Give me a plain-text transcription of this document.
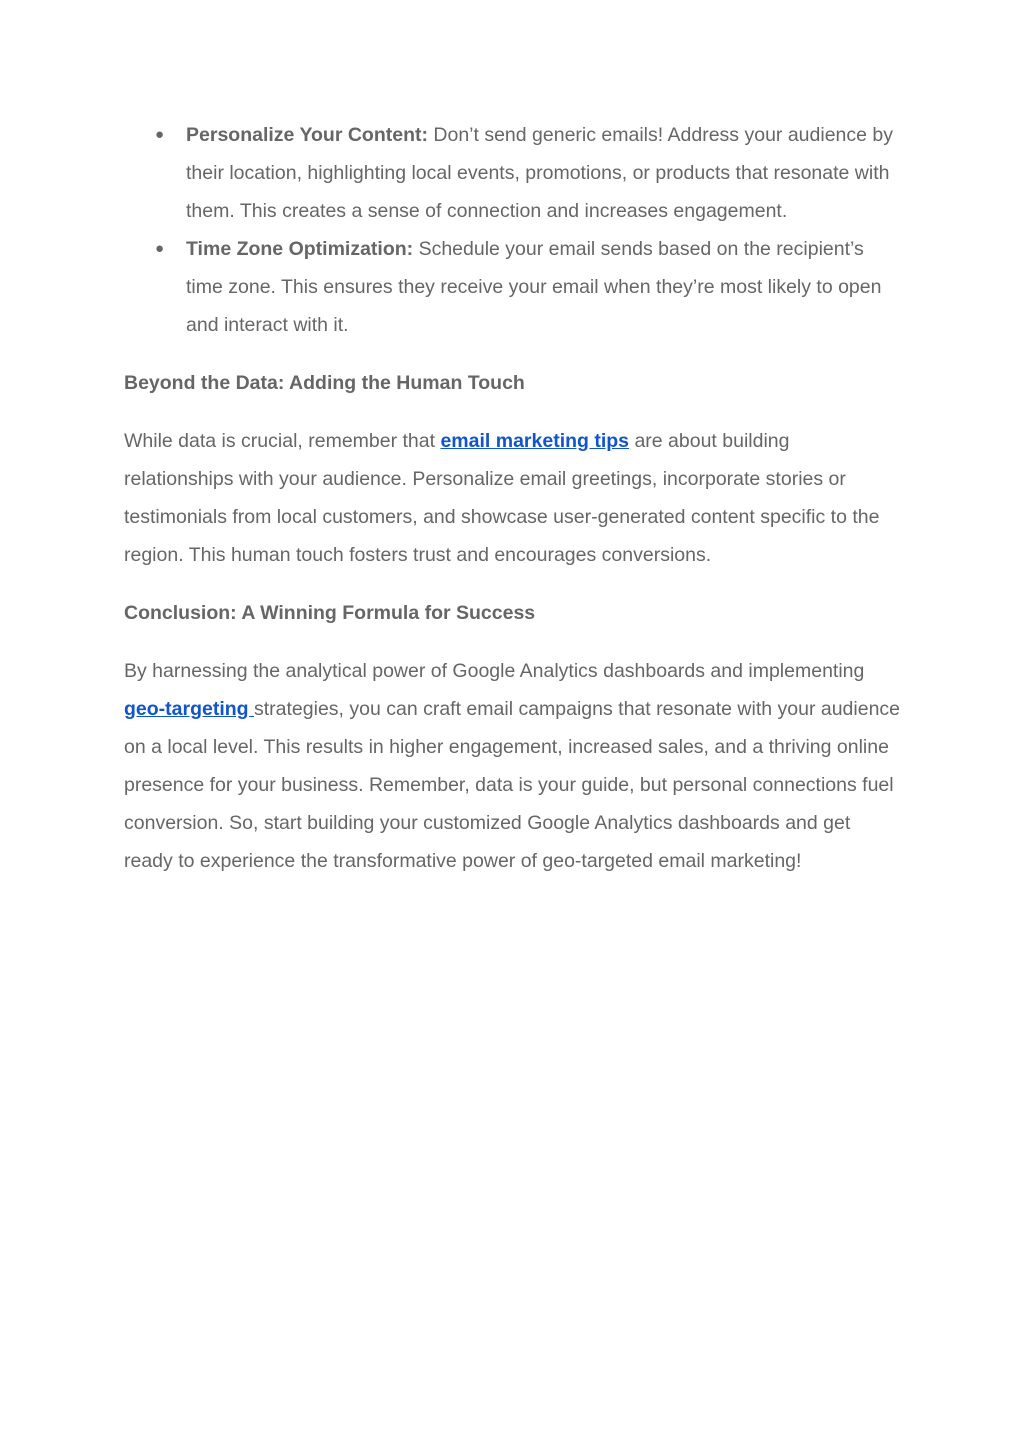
● Personalize Your Content: Don’t send generic emails! Address your audience by their location, highlighting local events, promotions, or products that resonate with them. This creates a sense of connection and increases engagement.
● Time Zone Optimization: Schedule your email sends based on the recipient’s time zone. This ensures they receive your email when they’re most likely to open and interact with it.
Beyond the Data: Adding the Human Touch

While data is crucial, remember that email marketing tips are about building relationships with your audience. Personalize email greetings, incorporate stories or testimonials from local customers, and showcase user-generated content specific to the region. This human touch fosters trust and encourages conversions.

Conclusion: A Winning Formula for Success

By harnessing the analytical power of Google Analytics dashboards and implementing geo-targeting strategies, you can craft email campaigns that resonate with your audience on a local level. This results in higher engagement, increased sales, and a thriving online presence for your business. Remember, data is your guide, but personal connections fuel conversion. So, start building your customized Google Analytics dashboards and get ready to experience the transformative power of geo-targeted email marketing!
